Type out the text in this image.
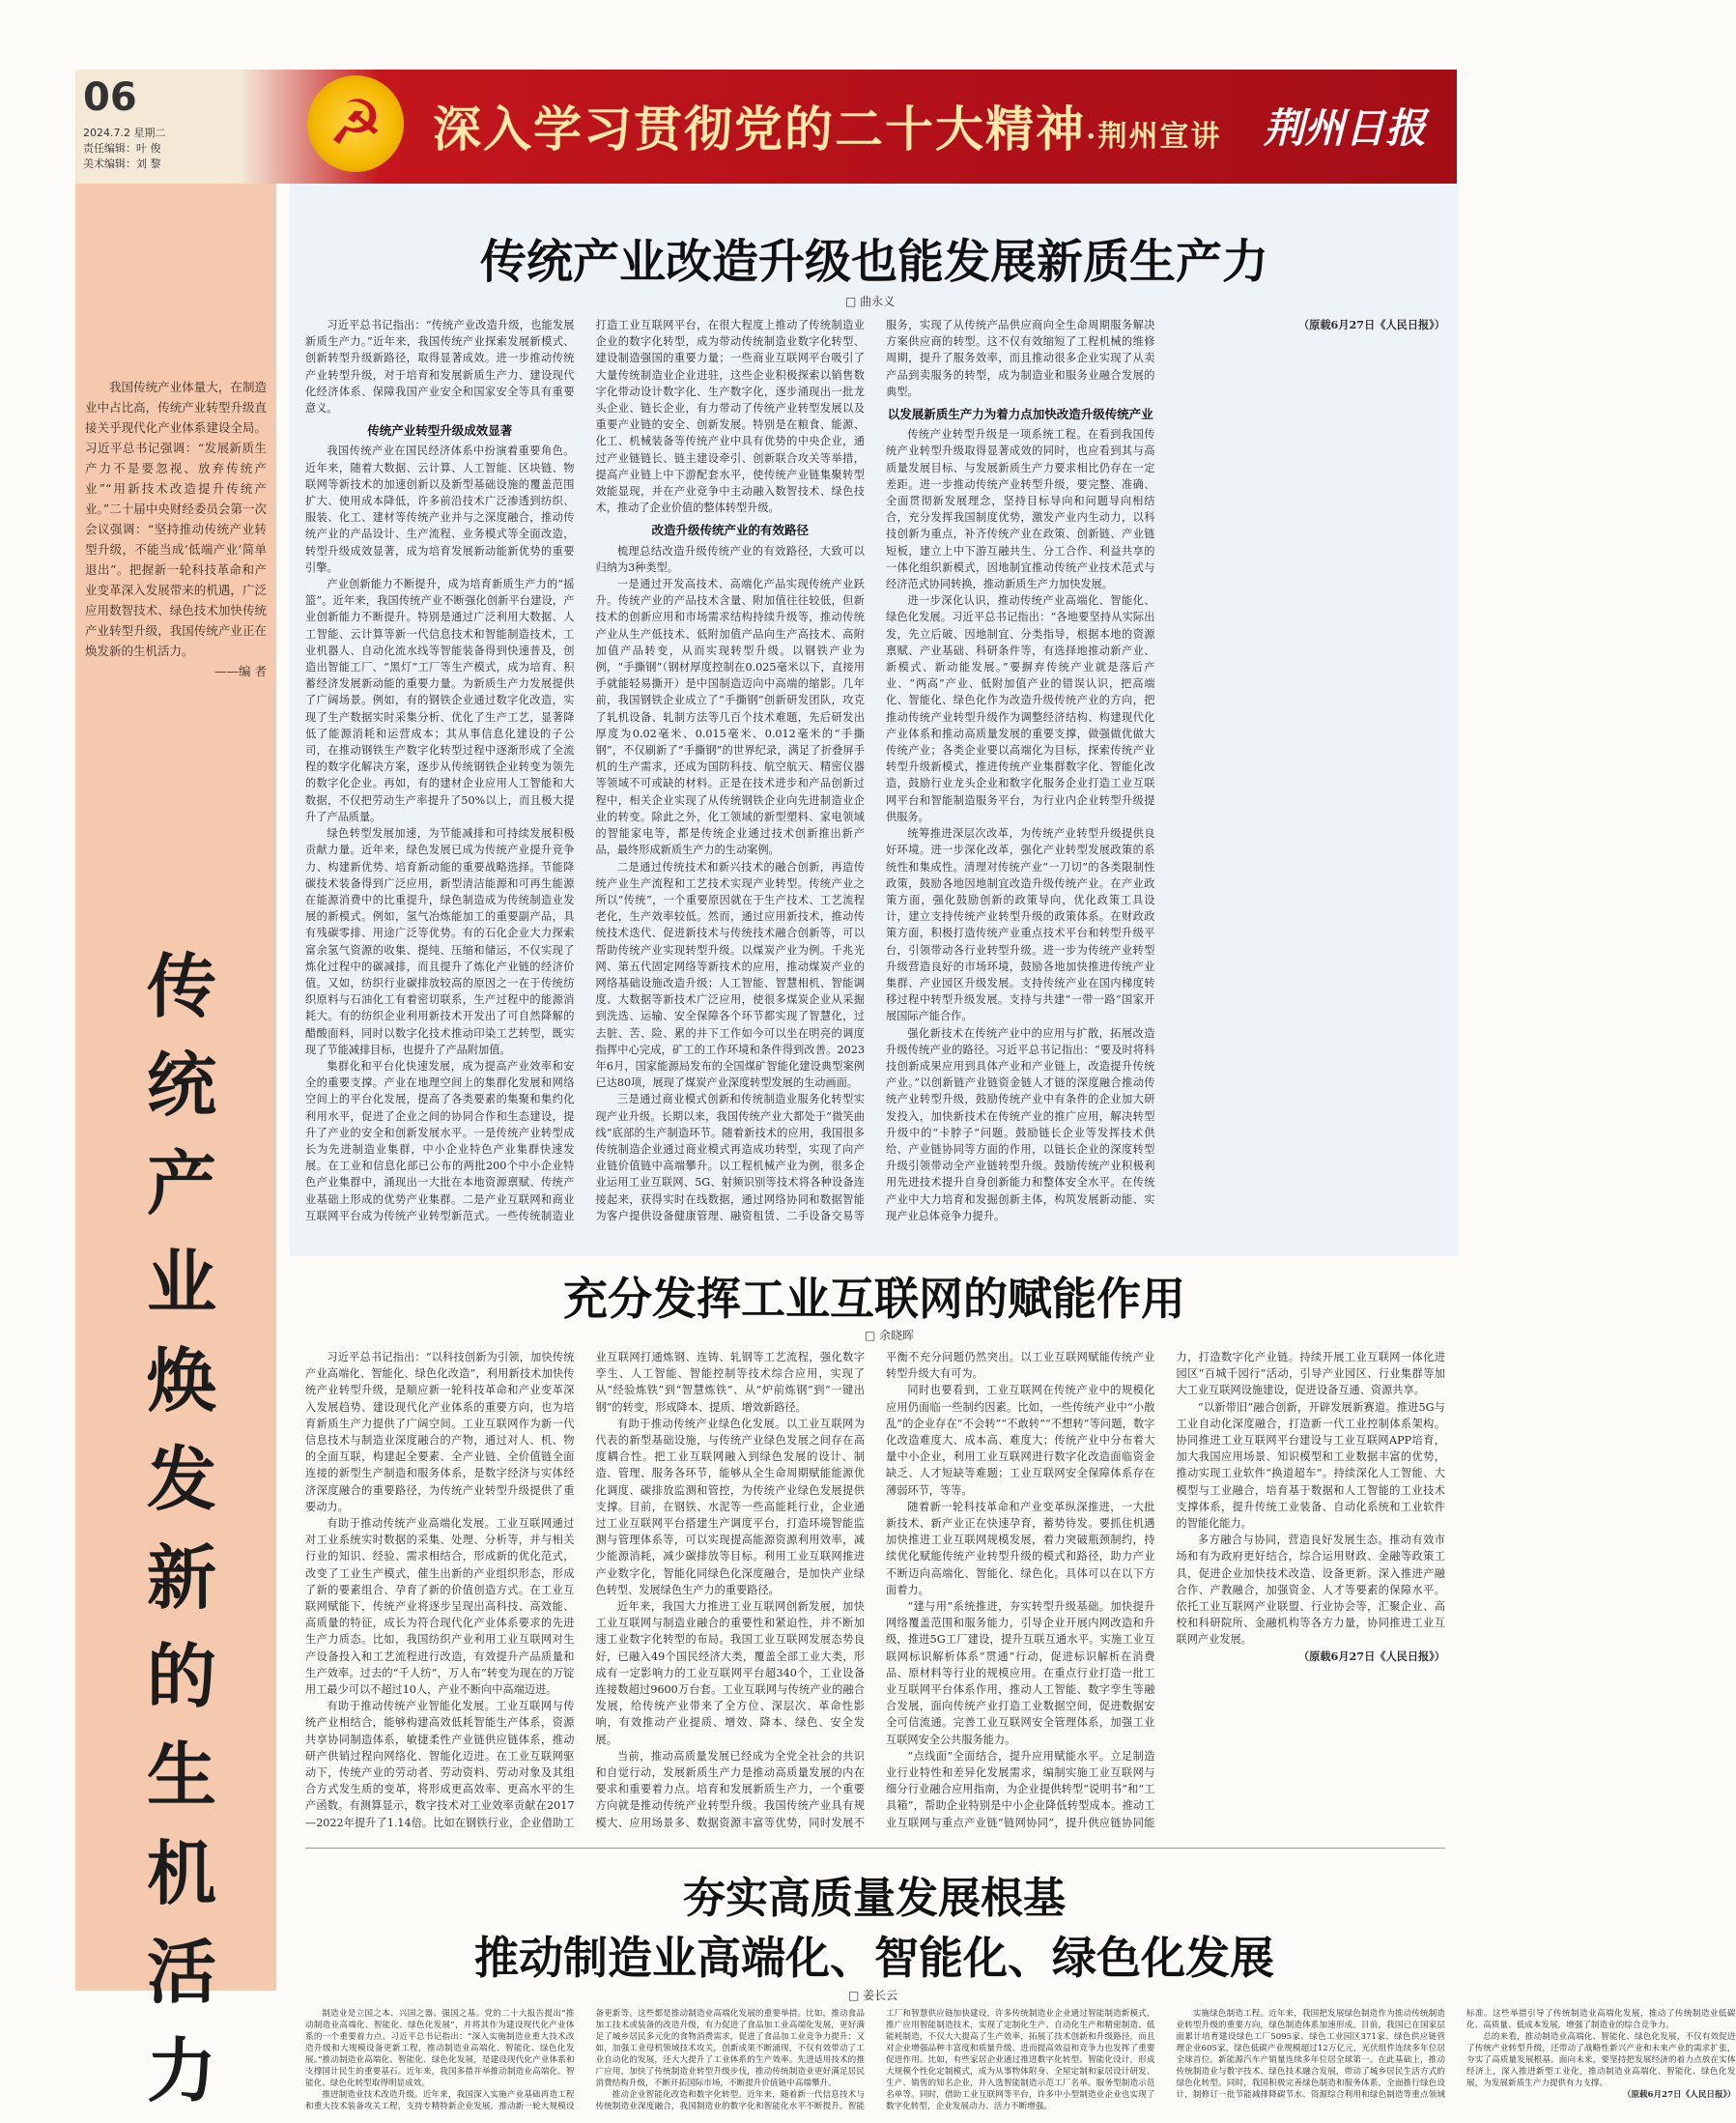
06
2024.7.2 星期二
责任编辑：叶 俊
美术编辑：刘 黎
☭	深入学习贯彻党的二十大精神·荆州宣讲 荆州日报
我国传统产业体量大，在制造业中占比高，传统产业转型升级直接关乎现代化产业体系建设全局。习近平总书记强调：“发展新质生产力不是要忽视、放弃传统产业”“用新技术改造提升传统产业。”二十届中央财经委员会第一次会议强调：“坚持推动传统产业转型升级，不能当成‘低端产业’简单退出”。把握新一轮科技革命和产业变革深入发展带来的机遇，广泛应用数智技术、绿色技术加快传统产业转型升级，我国传统产业正在焕发新的生机活力。
——编 者
传统产业焕发新的生机活力
传统产业改造升级也能发展新质生产力
□ 曲永义

习近平总书记指出：“传统产业改造升级，也能发展新质生产力。”近年来，我国传统产业探索发展新模式、创新转型升级新路径，取得显著成效。进一步推动传统产业转型升级，对于培育和发展新质生产力、建设现代化经济体系、保障我国产业安全和国家安全等具有重要意义。

传统产业转型升级成效显著

我国传统产业在国民经济体系中扮演着重要角色。近年来，随着大数据、云计算、人工智能、区块链、物联网等新技术的加速创新以及新型基础设施的覆盖范围扩大、使用成本降低，许多前沿技术广泛渗透到纺织、服装、化工、建材等传统产业并与之深度融合，推动传统产业的产品设计、生产流程、业务模式等全面改造，转型升级成效显著，成为培育发展新动能新优势的重要引擎。

产业创新能力不断提升，成为培育新质生产力的“摇篮”。近年来，我国传统产业不断强化创新平台建设，产业创新能力不断提升。特别是通过广泛利用大数据、人工智能、云计算等新一代信息技术和智能制造技术，工业机器人、自动化流水线等智能装备得到快速普及，创造出智能工厂、“黑灯”工厂等生产模式，成为培育、积蓄经济发展新动能的重要力量。为新质生产力发展提供了广阔场景。例如，有的钢铁企业通过数字化改造，实现了生产数据实时采集分析、优化了生产工艺，显著降低了能源消耗和运营成本；其从事信息化建设的子公司，在推动钢铁生产数字化转型过程中逐渐形成了全流程的数字化解决方案，逐步从传统钢铁企业转变为领先的数字化企业。再如，有的建材企业应用人工智能和大数据，不仅把劳动生产率提升了50%以上，而且极大提升了产品质量。

绿色转型发展加速，为节能减排和可持续发展积极贡献力量。近年来，绿色发展已成为传统产业提升竞争力、构建新优势、培育新动能的重要战略选择。节能降碳技术装备得到广泛应用，新型清洁能源和可再生能源在能源消费中的比重提升，绿色制造成为传统制造业发展的新模式。例如，氢气冶炼能加工的重要副产品，具有残碳零排、用途广泛等优势。有的石化企业大力探索富余氢气资源的收集、提纯、压缩和储运，不仅实现了炼化过程中的碳减排，而且提升了炼化产业链的经济价值。又如，纺织行业碳排放较高的原因之一在于传统纺织原料与石油化工有着密切联系，生产过程中的能源消耗大。有的纺织企业利用新技术开发出了可自然降解的醋酸面料，同时以数字化技术推动印染工艺转型，既实现了节能减排目标，也提升了产品附加值。

集群化和平台化快速发展，成为提高产业效率和安全的重要支撑。产业在地理空间上的集群化发展和网络空间上的平台化发展，提高了各类要素的集聚和集约化利用水平，促进了企业之间的协同合作和生态建设，提升了产业的安全和创新发展水平。一是传统产业转型成长为先进制造业集群，中小企业特色产业集群快速发展。在工业和信息化部已公布的两批200个中小企业特色产业集群中，涌现出一大批在本地资源禀赋、传统产业基础上形成的优势产业集群。二是产业互联网和商业互联网平台成为传统产业转型新范式。一些传统制造业打造工业互联网平台，在很大程度上推动了传统制造业企业的数字化转型，成为带动传统制造业数字化转型、建设制造强国的重要力量；一些商业互联网平台吸引了大量传统制造业企业进驻，这些企业积极探索以销售数字化带动设计数字化、生产数字化，逐步涌现出一批龙头企业、链长企业，有力带动了传统产业转型发展以及重要产业链的安全、创新发展。特别是在粮食、能源、化工、机械装备等传统产业中具有优势的中央企业，通过产业链链长、链主建设牵引、创新联合攻关等举措，提高产业链上中下游配套水平，使传统产业链集聚转型效能显现，并在产业竞争中主动融入数智技术、绿色技术，推动了企业价值的整体转型升级。

改造升级传统产业的有效路径

梳理总结改造升级传统产业的有效路径，大致可以归纳为3种类型。

一是通过开发高技术、高端化产品实现传统产业跃升。传统产业的产品技术含量、附加值往往较低，但新技术的创新应用和市场需求结构持续升级等，推动传统产业从生产低技术、低附加值产品向生产高技术、高附加值产品转变，从而实现转型升级。以钢铁产业为例，“手撕钢”（钢材厚度控制在0.025毫米以下，直接用手就能轻易撕开）是中国制造迈向中高端的缩影。几年前，我国钢铁企业成立了“手撕钢”创新研发团队，攻克了轧机设备、轧制方法等几百个技术难题，先后研发出厚度为0.02毫米、0.015毫米、0.012毫米的“手撕钢”，不仅刷新了“手撕钢”的世界纪录，满足了折叠屏手机的生产需求，还成为国防科技、航空航天、精密仪器等领域不可或缺的材料。正是在技术进步和产品创新过程中，相关企业实现了从传统钢铁企业向先进制造业企业的转变。除此之外，化工领域的新型塑料、家电领域的智能家电等，都是传统企业通过技术创新推出新产品，最终形成新质生产力的生动案例。

二是通过传统技术和新兴技术的融合创新，再造传统产业生产流程和工艺技术实现产业转型。传统产业之所以“传统”，一个重要原因就在于生产技术、工艺流程老化，生产效率较低。然而，通过应用新技术，推动传统技术迭代、促进新技术与传统技术融合创新等，可以帮助传统产业实现转型升级。以煤炭产业为例。千兆光网、第五代固定网络等新技术的应用，推动煤炭产业的网络基础设施改造升级；人工智能、智慧相机、智能调度、大数据等新技术广泛应用，使很多煤炭企业从采掘到洗选、运输、安全保障各个环节都实现了智慧化，过去脏、苦、险、累的井下工作如今可以坐在明亮的调度指挥中心完成，矿工的工作环境和条件得到改善。2023年6月，国家能源局发布的全国煤矿智能化建设典型案例已达80项，展现了煤炭产业深度转型发展的生动画面。

三是通过商业模式创新和传统制造业服务化转型实现产业升级。长期以来，我国传统产业大都处于“微笑曲线”底部的生产制造环节。随着新技术的应用，我国很多传统制造企业通过商业模式再造成功转型，实现了向产业链价值链中高端攀升。以工程机械产业为例，很多企业运用工业互联网、5G、射频识别等技术将各种设备连接起来，获得实时在线数据，通过网络协同和数据智能为客户提供设备健康管理、融资租赁、二手设备交易等服务，实现了从传统产品供应商向全生命周期服务解决方案供应商的转型。这不仅有效缩短了工程机械的维修周期，提升了服务效率，而且推动很多企业实现了从卖产品到卖服务的转型，成为制造业和服务业融合发展的典型。

以发展新质生产力为着力点加快改造升级传统产业

传统产业转型升级是一项系统工程。在看到我国传统产业转型升级取得显著成效的同时，也应看到其与高质量发展目标、与发展新质生产力要求相比仍存在一定差距。进一步推动传统产业转型升级，要完整、准确、全面贯彻新发展理念，坚持目标导向和问题导向相结合，充分发挥我国制度优势，激发产业内生动力，以科技创新为重点，补齐传统产业在政策、创新链、产业链短板，建立上中下游互融共生、分工合作、利益共享的一体化组织新模式，因地制宜推动传统产业技术范式与经济范式协同转换，推动新质生产力加快发展。

进一步深化认识，推动传统产业高端化、智能化、绿色化发展。习近平总书记指出：“各地要坚持从实际出发，先立后破、因地制宜、分类指导，根据本地的资源禀赋、产业基础、科研条件等，有选择地推动新产业、新模式、新动能发展。”要摒弃传统产业就是落后产业、“两高”产业、低附加值产业的错误认识，把高端化、智能化、绿色化作为改造升级传统产业的方向，把推动传统产业转型升级作为调整经济结构、构建现代化产业体系和推动高质量发展的重要支撑，做强做优做大传统产业；各类企业要以高端化为目标，探索传统产业转型升级新模式，推进传统产业集群数字化、智能化改造，鼓励行业龙头企业和数字化服务企业打造工业互联网平台和智能制造服务平台，为行业内企业转型升级提供服务。

统筹推进深层次改革，为传统产业转型升级提供良好环境。进一步深化改革，强化产业转型发展政策的系统性和集成性。清理对传统产业“一刀切”的各类限制性政策，鼓励各地因地制宜改造升级传统产业。在产业政策方面，强化鼓励创新的政策导向，优化政策工具设计，建立支持传统产业转型升级的政策体系。在财政政策方面，积极打造传统产业重点技术平台和转型升级平台，引领带动各行业转型升级。进一步为传统产业转型升级营造良好的市场环境，鼓励各地加快推进传统产业集群、产业园区升级发展。支持传统产业在国内梯度转移过程中转型升级发展。支持与共建“一带一路”国家开展国际产能合作。

强化新技术在传统产业中的应用与扩散，拓展改造升级传统产业的路径。习近平总书记指出：“要及时将科技创新成果应用到具体产业和产业链上，改造提升传统产业。”以创新链产业链资金链人才链的深度融合推动传统产业转型升级，鼓励传统产业中有条件的企业加大研发投入，加快新技术在传统产业的推广应用，解决转型升级中的“卡脖子”问题。鼓励链长企业等发挥技术供给、产业链协同等方面的作用，以链长企业的深度转型升级引领带动全产业链转型升级。鼓励传统产业积极利用先进技术提升自身创新能力和整体安全水平。在传统产业中大力培育和发掘创新主体，构筑发展新动能、实现产业总体竞争力提升。

（原载6月27日《人民日报》）

充分发挥工业互联网的赋能作用
□ 余晓晖

习近平总书记指出：“以科技创新为引领，加快传统产业高端化、智能化、绿色化改造”，利用新技术加快传统产业转型升级，是顺应新一轮科技革命和产业变革深入发展趋势、建设现代化产业体系的重要方向，也为培育新质生产力提供了广阔空间。工业互联网作为新一代信息技术与制造业深度融合的产物，通过对人、机、物的全面互联，构建起全要素、全产业链、全价值链全面连接的新型生产制造和服务体系，是数字经济与实体经济深度融合的重要路径，为传统产业转型升级提供了重要动力。

有助于推动传统产业高端化发展。工业互联网通过对工业系统实时数据的采集、处理、分析等，并与相关行业的知识、经验、需求相结合，形成新的优化范式，改变了工业生产模式，催生出新的产业组织形态，形成了新的要素组合、孕育了新的价值创造方式。在工业互联网赋能下，传统产业将逐步呈现出高科技、高效能、高质量的特征，成长为符合现代化产业体系要求的先进生产力质态。比如，我国纺织产业利用工业互联网对生产设备投入和工艺流程进行改造，有效提升产品质量和生产效率。过去的“千人纺”，万人布”转变为现在的万锭用工最少可以不超过10人，产业不断向中高端迈进。

有助于推动传统产业智能化发展。工业互联网与传统产业相结合，能够构建高效低耗智能生产体系，资源共享协同制造体系，敏捷柔性产业链供应链体系，推动研产供销过程向网络化、智能化迈进。在工业互联网驱动下，传统产业的劳动者、劳动资料、劳动对象及其组合方式发生质的变革，将形成更高效率、更高水平的生产函数。有测算显示，数字技术对工业效率贡献在2017—2022年提升了1.14倍。比如在钢铁行业，企业借助工业互联网打通炼钢、连铸、轧钢等工艺流程，强化数字孪生、人工智能、智能控制等技术综合应用，实现了从“经验炼铁”到“智慧炼铁”、从“炉前炼钢”到“一键出钢”的转变，形成降本、提质、增效新路径。

有助于推动传统产业绿色化发展。以工业互联网为代表的新型基础设施，与传统产业绿色发展之间存在高度耦合性。把工业互联网融入到绿色发展的设计、制造、管理、服务各环节，能够从全生命周期赋能能源优化调度、碳排放监测和管控，为传统产业绿色发展提供支撑。目前，在钢铁、水泥等一些高能耗行业，企业通过工业互联网平台搭建生产调度平台，打造环境智能监测与管理体系等，可以实现提高能源资源利用效率，减少能源消耗，减少碳排放等目标。利用工业互联网推进产业数字化，智能化同绿色化深度融合，是加快产业绿色转型、发展绿色生产力的重要路径。

近年来，我国大力推进工业互联网创新发展，加快工业互联网与制造业融合的重要性和紧迫性，并不断加速工业数字化转型的布局。我国工业互联网发展态势良好，已融入49个国民经济大类，覆盖全部工业大类，形成有一定影响力的工业互联网平台超340个，工业设备连接数超过9600万台套。工业互联网与传统产业的融合发展，给传统产业带来了全方位、深层次、革命性影响，有效推动产业提质、增效、降本、绿色、安全发展。

当前，推动高质量发展已经成为全党全社会的共识和自觉行动，发展新质生产力是推动高质量发展的内在要求和重要着力点。培育和发展新质生产力，一个重要方向就是推动传统产业转型升级。我国传统产业具有规模大、应用场景多、数据资源丰富等优势，同时发展不平衡不充分问题仍然突出。以工业互联网赋能传统产业转型升级大有可为。

同时也要看到，工业互联网在传统产业中的规模化应用仍面临一些制约因素。比如，一些传统产业中“小散乱”的企业存在“不会转”“不敢转”“不想转”等问题，数字化改造难度大、成本高、难度大；传统产业中分布着大量中小企业，利用工业互联网进行数字化改造面临资金缺乏、人才短缺等难题；工业互联网安全保障体系存在薄弱环节，等等。

随着新一轮科技革命和产业变革纵深推进，一大批新技术、新产业正在快速孕育，蓄势待发。要抓住机遇加快推进工业互联网规模发展，着力突破瓶颈制约，持续优化赋能传统产业转型升级的模式和路径，助力产业不断迈向高端化、智能化、绿色化。具体可以在以下方面着力。

“建与用”系统推进，夯实转型升级基础。加快提升网络覆盖范围和服务能力，引导企业开展内网改造和升级，推进5G工厂建设，提升互联互通水平。实施工业互联网标识解析体系“贯通”行动，促进标识解析在消费品、原材料等行业的规模应用。在重点行业打造一批工业互联网平台体系作用，推动人工智能、数字孪生等融合发展，面向传统产业打造工业数据空间，促进数据安全可信流通。完善工业互联网安全管理体系，加强工业互联网安全公共服务能力。

“点线面”全面结合，提升应用赋能水平。立足制造业行业特性和差异化发展需求，编制实施工业互联网与细分行业融合应用指南，为企业提供转型“说明书”和“工具箱”，帮助企业特别是中小企业降低转型成本。推动工业互联网与重点产业链“链网协同”，提升供应链协同能力，打造数字化产业链。持续开展工业互联网一体化进园区“百城千园行”活动，引导产业园区、行业集群等加大工业互联网设施建设，促进设备互通、资源共享。

“以新带旧”融合创新，开辟发展新赛道。推进5G与工业自动化深度融合，打造新一代工业控制体系架构。协同推进工业互联网平台建设与工业互联网APP培育，加大我国应用场景、知识模型和工业数据丰富的优势，推动实现工业软件“换道超车”。持续深化人工智能、大模型与工业融合，培育基于数据和人工智能的工业技术支撑体系，提升传统工业装备、自动化系统和工业软件的智能化能力。

多方融合与协同，营造良好发展生态。推动有效市场和有为政府更好结合，综合运用财政、金融等政策工具，促进企业加快技术改造、设备更新。深入推进产融合作、产教融合，加强资金、人才等要素的保障水平。依托工业互联网产业联盟、行业协会等，汇聚企业、高校和科研院所、金融机构等各方力量，协同推进工业互联网产业发展。

（原载6月27日《人民日报》）

夯实高质量发展根基
推动制造业高端化、智能化、绿色化发展
□ 姜长云

制造业是立国之本、兴国之器、强国之基。党的二十大报告提出“推动制造业高端化、智能化、绿色化发展”，并将其作为建设现代化产业体系的一个重要着力点。习近平总书记指出：“深入实施制造业重大技术改造升级和大规模设备更新工程，推动制造业高端化、智能化、绿色化发展。”推动制造业高端化、智能化、绿色化发展，是建设现代化产业体系和支撑国计民生的重要基石。近年来，我国多措并举推动制造业高端化、智能化、绿色化转型取得明显成效。

推进制造业技术改造升级。近年来，我国深入实施产业基础再造工程和重大技术装备攻关工程，支持专精特新企业发展，推动新一轮大规模设备更新等。这些都是推动制造业高端化发展的重要举措。比如，推动食品加工技术或装备的改造升级，有力促进了食品加工业高端化发展，更好满足了城乡居民多元化的食物消费需求，促进了食品加工业竞争力提升；又如，加强工业母机领域技术攻关，创新成果不断涌现，不仅有效带动了工业自动化的发展，还大大提升了工业体系的生产效率。先进适用技术的推广应用，加快了传统制造业转型升级步伐，推动传统制造业更好满足居民消费结构升级，不断开拓国际市场，不断提升价值链中高端攀升。

推动企业智能化改造和数字化转型。近年来，随着新一代信息技术与传统制造业深度融合，我国制造业的数字化和智能化水平不断提升。智能工厂和智慧供应链加快建设，许多传统制造业企业通过智能制造新模式，推广应用智能制造技术，实现了定制化生产、自动化生产和精密制造、低能耗制造，不仅大大提高了生产效率，拓展了技术创新和升级路径，而且对企业增强品种丰富度和质量升级、进而提高效益和竞争力也发挥了重要促进作用。比如，有些家居企业通过推进数字化转型、智能化设计，形成大规模个性化定制模式，成为从事物体附身、全屋定制和家居设计研发、生产、销售的知名企业，并入选智能制造示范工厂名单。服务型制造示范名单等。同时，借助工业互联网等平台，许多中小型制造业企业也实现了数字化转型，企业发展动力、活力不断增强。

实施绿色制造工程。近年来，我国把发展绿色制造作为推动传统制造业转型升级的重要方向，绿色制造体系加速形成。目前，我国已在国家层面累计培育建设绿色工厂5095家、绿色工业园区371家、绿色供应链管理企业605家，绿色低碳产业规模超过12万亿元，光伏组件连续多年位居全球首位。新能源汽车产销量连续多年位居全球第一。在此基础上，推动传统制造业与数字技术、绿色技术融合发展，带动了城乡居民生活方式的绿色化转型。同时，我国积极完善绿色制造和服务体系，全面推行绿色设计，制修订一批节能减排降碳节水、资源综合利用和绿色制造等重点领域标准。这些举措引导了传统制造业高端化发展，推动了传统制造业低碳化、高质量、低成本发展，增强了制造业的综合竞争力。

总的来看，推动制造业高端化、智能化、绿色化发展，不仅有效促进了传统产业转型升级，还带动了战略性新兴产业和未来产业的需求扩张，夯实了高质量发展根基。面向未来，要坚持把发展经济的着力点放在实体经济上，深入推进新型工业化，推动制造业高端化、智能化、绿色化发展，为发展新质生产力提供有力支撑。

（原载6月27日《人民日报》）
